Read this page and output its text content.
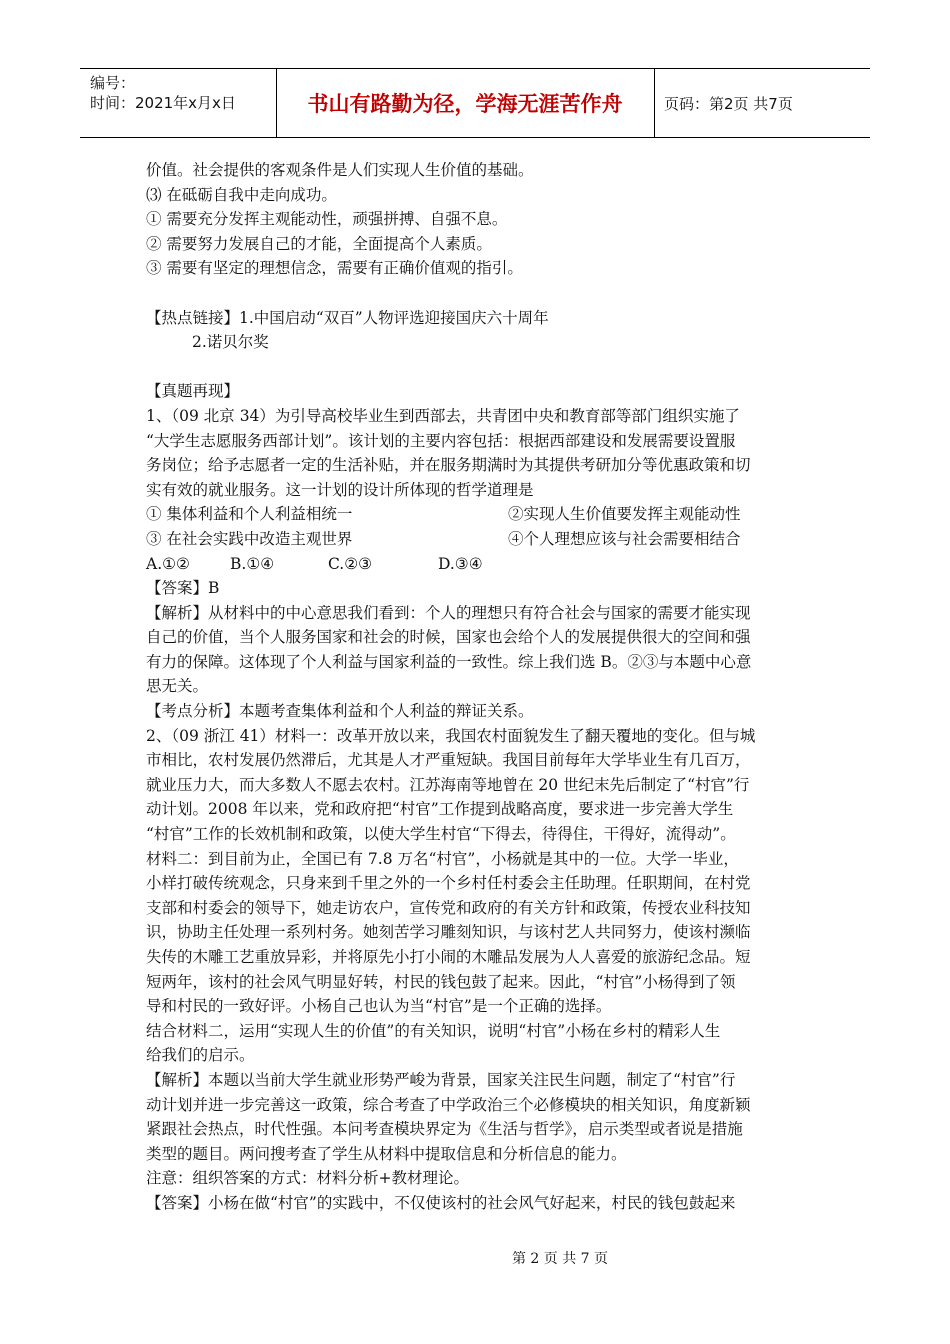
编号：
时间：2021年x月x日	书山有路勤为径，学海无涯苦作舟	页码：第2页 共7页

价值。社会提供的客观条件是人们实现人生价值的基础。

⑶ 在砥砺自我中走向成功。

① 需要充分发挥主观能动性，顽强拼搏、自强不息。

② 需要努力发展自己的才能，全面提高个人素质。

③ 需要有坚定的理想信念，需要有正确价值观的指引。

【热点链接】1.中国启动“双百”人物评选迎接国庆六十周年

2.诺贝尔奖

【真题再现】

1、（09 北京 34）为引导高校毕业生到西部去，共青团中央和教育部等部门组织实施了

“大学生志愿服务西部计划”。该计划的主要内容包括：根据西部建设和发展需要设置服

务岗位；给予志愿者一定的生活补贴，并在服务期满时为其提供考研加分等优惠政策和切

实有效的就业服务。这一计划的设计所体现的哲学道理是

① 集体利益和个人利益相统一	②实现人生价值要发挥主观能动性

③ 在社会实践中改造主观世界	④个人理想应该与社会需要相结合

A.①②	B.①④	C.②③	D.③④

【答案】B

【解析】从材料中的中心意思我们看到：个人的理想只有符合社会与国家的需要才能实现

自己的价值，当个人服务国家和社会的时候，国家也会给个人的发展提供很大的空间和强

有力的保障。这体现了个人利益与国家利益的一致性。综上我们选 B。②③与本题中心意

思无关。

【考点分析】本题考查集体利益和个人利益的辩证关系。

2、（09 浙江 41）材料一：改革开放以来，我国农村面貌发生了翻天覆地的变化。但与城

市相比，农村发展仍然滞后，尤其是人才严重短缺。我国目前每年大学毕业生有几百万，

就业压力大，而大多数人不愿去农村。江苏海南等地曾在 20 世纪末先后制定了“村官”行

动计划。2008 年以来，党和政府把“村官”工作提到战略高度，要求进一步完善大学生

“村官”工作的长效机制和政策，以使大学生村官“下得去，待得住，干得好，流得动”。

材料二：到目前为止，全国已有 7.8 万名“村官”，小杨就是其中的一位。大学一毕业，

小样打破传统观念，只身来到千里之外的一个乡村任村委会主任助理。任职期间，在村党

支部和村委会的领导下，她走访农户，宣传党和政府的有关方针和政策，传授农业科技知

识，协助主任处理一系列村务。她刻苦学习雕刻知识，与该村艺人共同努力，使该村濒临

失传的木雕工艺重放异彩，并将原先小打小闹的木雕品发展为人人喜爱的旅游纪念品。短

短两年，该村的社会风气明显好转，村民的钱包鼓了起来。因此，“村官”小杨得到了领

导和村民的一致好评。小杨自己也认为当“村官”是一个正确的选择。

结合材料二，运用“实现人生的价值”的有关知识，说明“村官”小杨在乡村的精彩人生

给我们的启示。

【解析】本题以当前大学生就业形势严峻为背景，国家关注民生问题，制定了“村官”行

动计划并进一步完善这一政策，综合考查了中学政治三个必修模块的相关知识，角度新颖

紧跟社会热点，时代性强。本问考查模块界定为《生活与哲学》，启示类型或者说是措施

类型的题目。两问搜考查了学生从材料中提取信息和分析信息的能力。

注意：组织答案的方式：材料分析+教材理论。

【答案】小杨在做“村官”的实践中，不仅使该村的社会风气好起来，村民的钱包鼓起来

第 2 页 共 7 页
